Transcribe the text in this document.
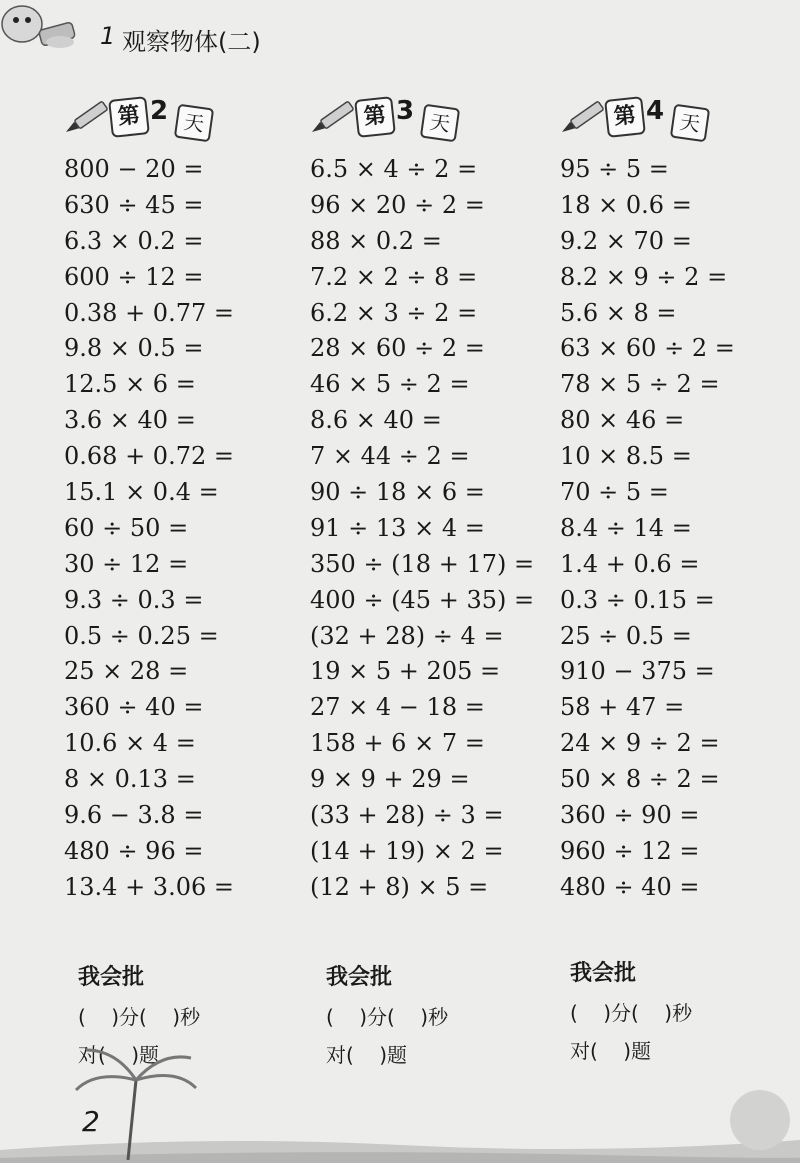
1 观察物体(二)
第 2 天
800 − 20 =
630 ÷ 45 =
6.3 × 0.2 =
600 ÷ 12 =
0.38 + 0.77 =
9.8 × 0.5 =
12.5 × 6 =
3.6 × 40 =
0.68 + 0.72 =
15.1 × 0.4 =
60 ÷ 50 =
30 ÷ 12 =
9.3 ÷ 0.3 =
0.5 ÷ 0.25 =
25 × 28 =
360 ÷ 40 =
10.6 × 4 =
8 × 0.13 =
9.6 − 3.8 =
480 ÷ 96 =
13.4 + 3.06 =
第 3 天
6.5 × 4 ÷ 2 =
96 × 20 ÷ 2 =
88 × 0.2 =
7.2 × 2 ÷ 8 =
6.2 × 3 ÷ 2 =
28 × 60 ÷ 2 =
46 × 5 ÷ 2 =
8.6 × 40 =
7 × 44 ÷ 2 =
90 ÷ 18 × 6 =
91 ÷ 13 × 4 =
350 ÷ (18 + 17) =
400 ÷ (45 + 35) =
(32 + 28) ÷ 4 =
19 × 5 + 205 =
27 × 4 − 18 =
158 + 6 × 7 =
9 × 9 + 29 =
(33 + 28) ÷ 3 =
(14 + 19) × 2 =
(12 + 8) × 5 =
第 4 天
95 ÷ 5 =
18 × 0.6 =
9.2 × 70 =
8.2 × 9 ÷ 2 =
5.6 × 8 =
63 × 60 ÷ 2 =
78 × 5 ÷ 2 =
80 × 46 =
10 × 8.5 =
70 ÷ 5 =
8.4 ÷ 14 =
1.4 + 0.6 =
0.3 ÷ 0.15 =
25 ÷ 0.5 =
910 − 375 =
58 + 47 =
24 × 9 ÷ 2 =
50 × 8 ÷ 2 =
360 ÷ 90 =
960 ÷ 12 =
480 ÷ 40 =
我会批
(    )分(    )秒
对(    )题
我会批
(    )分(    )秒
对(    )题
我会批
(    )分(    )秒
对(    )题
2
